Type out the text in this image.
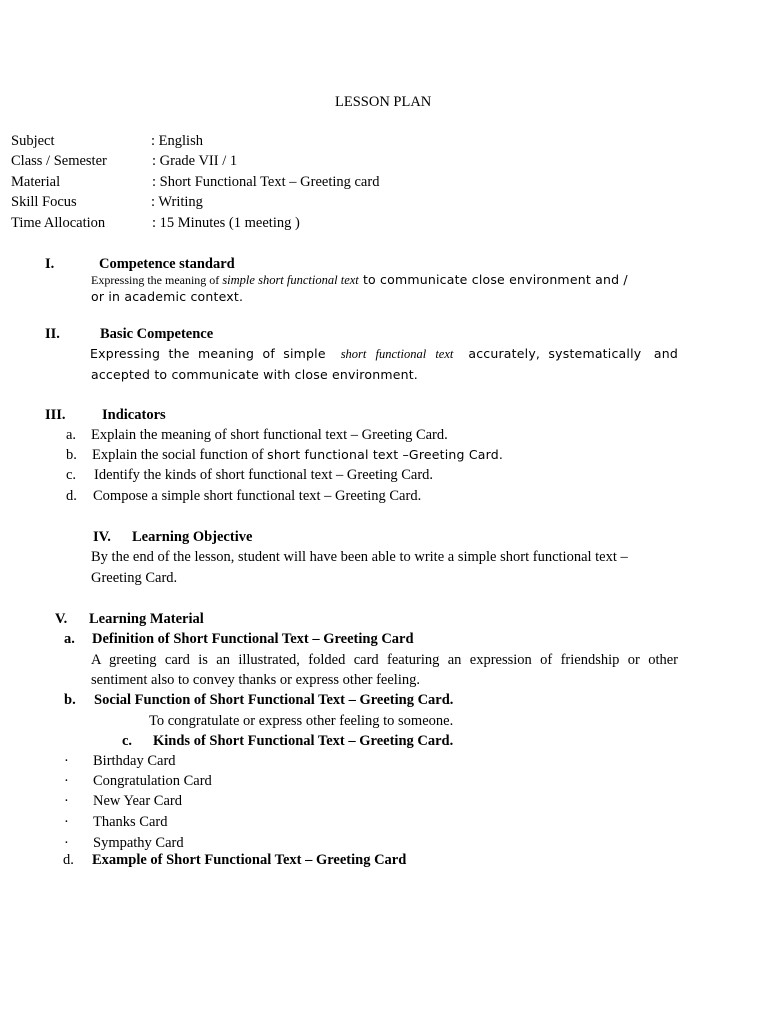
LESSON PLAN
Subject	: English
Class / Semester	: Grade VII / 1
Material	: Short Functional Text – Greeting card
Skill Focus	: Writing
Time Allocation	: 15 Minutes (1 meeting )
I.	Competence standard
Expressing the meaning of simple short functional text to communicate close environment and /
or in academic context.
II.	Basic Competence
Expressing  the  meaning  of  simple short functional text accurately,  systematically   and
accepted to communicate with close environment.
III.	Indicators
a. Explain the meaning of short functional text – Greeting Card.
b. Explain the social function of short functional text –Greeting Card.
c. Identify the kinds of short functional text – Greeting Card.
d. Compose a simple short functional text – Greeting Card.
IV. Learning Objective
By the end of the lesson, student will have been able to write a simple short functional text –
Greeting Card.
V. Learning Material
a. Definition of Short Functional Text – Greeting Card
A greeting card is an illustrated, folded card featuring an expression of friendship or other
sentiment also to convey thanks or express other feeling.
b. Social Function of Short Functional Text – Greeting Card.
To congratulate or express other feeling to someone.
c. Kinds of Short Functional Text – Greeting Card.
· Birthday Card
· Congratulation Card
· New Year Card
· Thanks Card
· Sympathy Card
d. Example of Short Functional Text – Greeting Card
